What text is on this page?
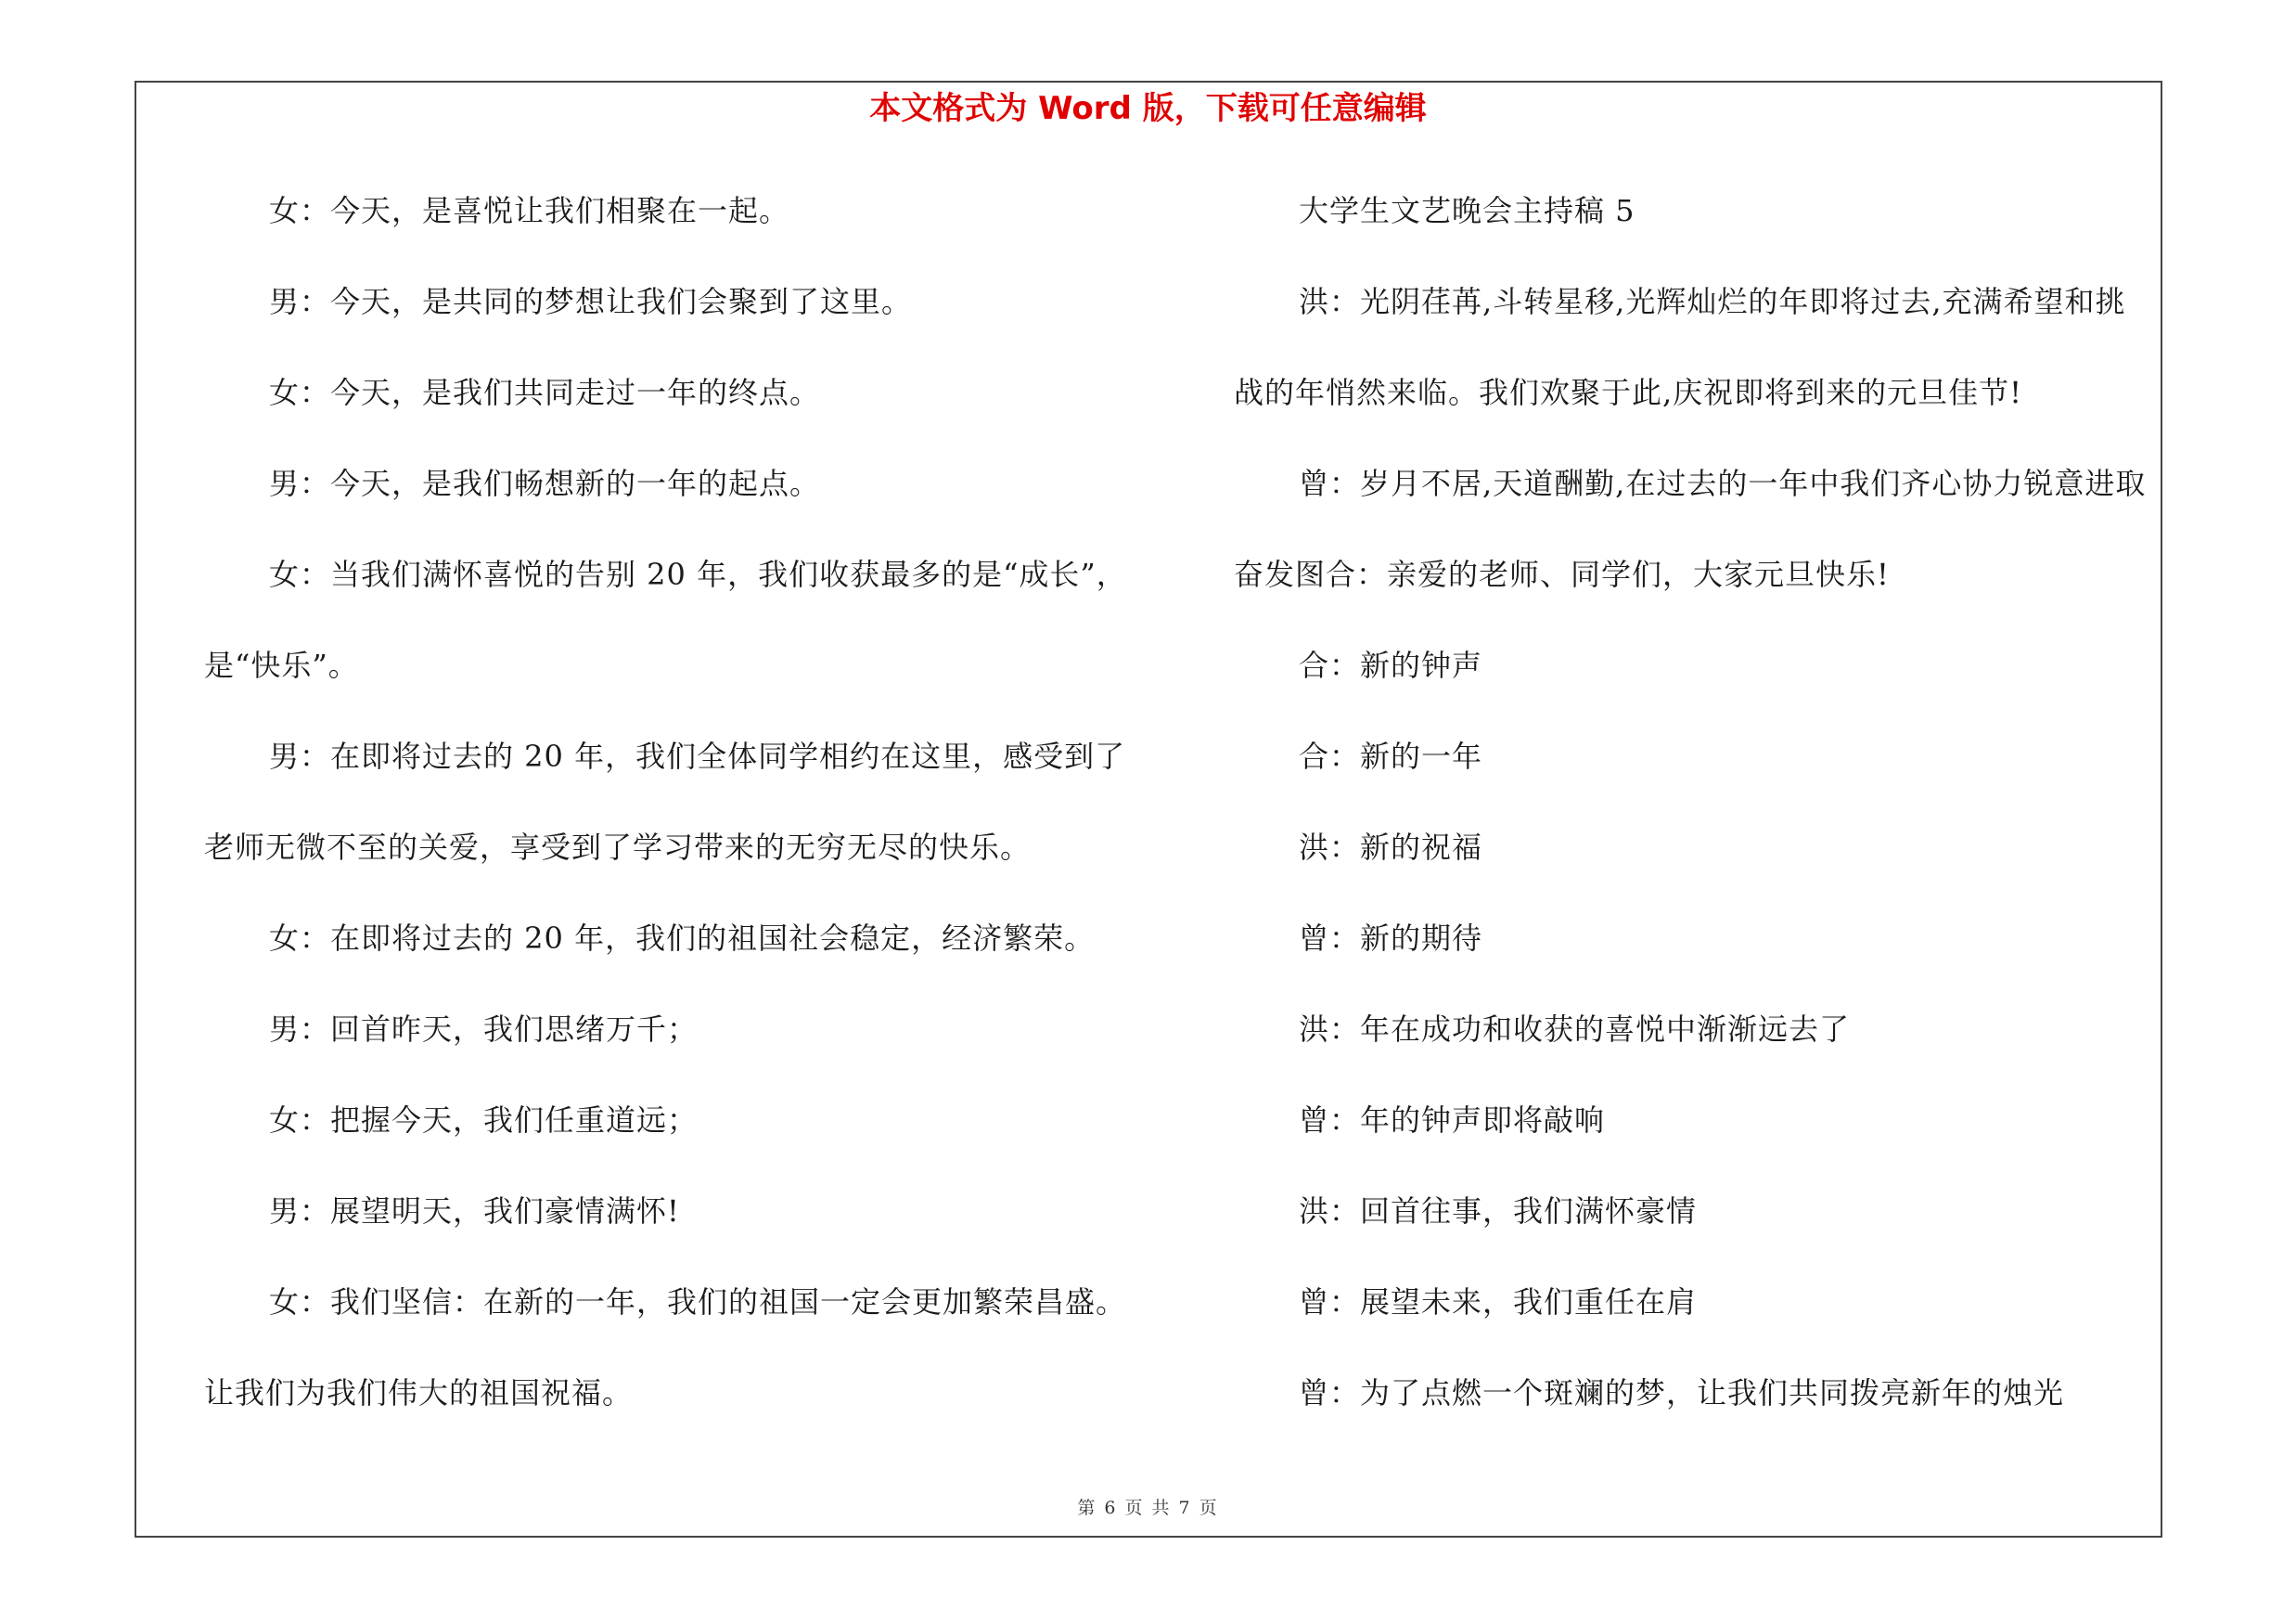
本文格式为 Word 版，下载可任意编辑
女：今天，是喜悦让我们相聚在一起。
男：今天，是共同的梦想让我们会聚到了这里。
女：今天，是我们共同走过一年的终点。
男：今天，是我们畅想新的一年的起点。
女：当我们满怀喜悦的告别 20 年，我们收获最多的是“成长”，
是“快乐”。
男：在即将过去的 20 年，我们全体同学相约在这里，感受到了
老师无微不至的关爱，享受到了学习带来的无穷无尽的快乐。
女：在即将过去的 20 年，我们的祖国社会稳定，经济繁荣。
男：回首昨天，我们思绪万千；
女：把握今天，我们任重道远；
男：展望明天，我们豪情满怀!
女：我们坚信：在新的一年，我们的祖国一定会更加繁荣昌盛。
让我们为我们伟大的祖国祝福。
大学生文艺晚会主持稿 5
洪：光阴荏苒,斗转星移,光辉灿烂的年即将过去,充满希望和挑
战的年悄然来临。我们欢聚于此,庆祝即将到来的元旦佳节!
曾：岁月不居,天道酬勤,在过去的一年中我们齐心协力锐意进取
奋发图合：亲爱的老师、同学们，大家元旦快乐!
合：新的钟声
合：新的一年
洪：新的祝福
曾：新的期待
洪：年在成功和收获的喜悦中渐渐远去了
曾：年的钟声即将敲响
洪：回首往事，我们满怀豪情
曾：展望未来，我们重任在肩
曾：为了点燃一个斑斓的梦，让我们共同拨亮新年的烛光
第 6 页 共 7 页
